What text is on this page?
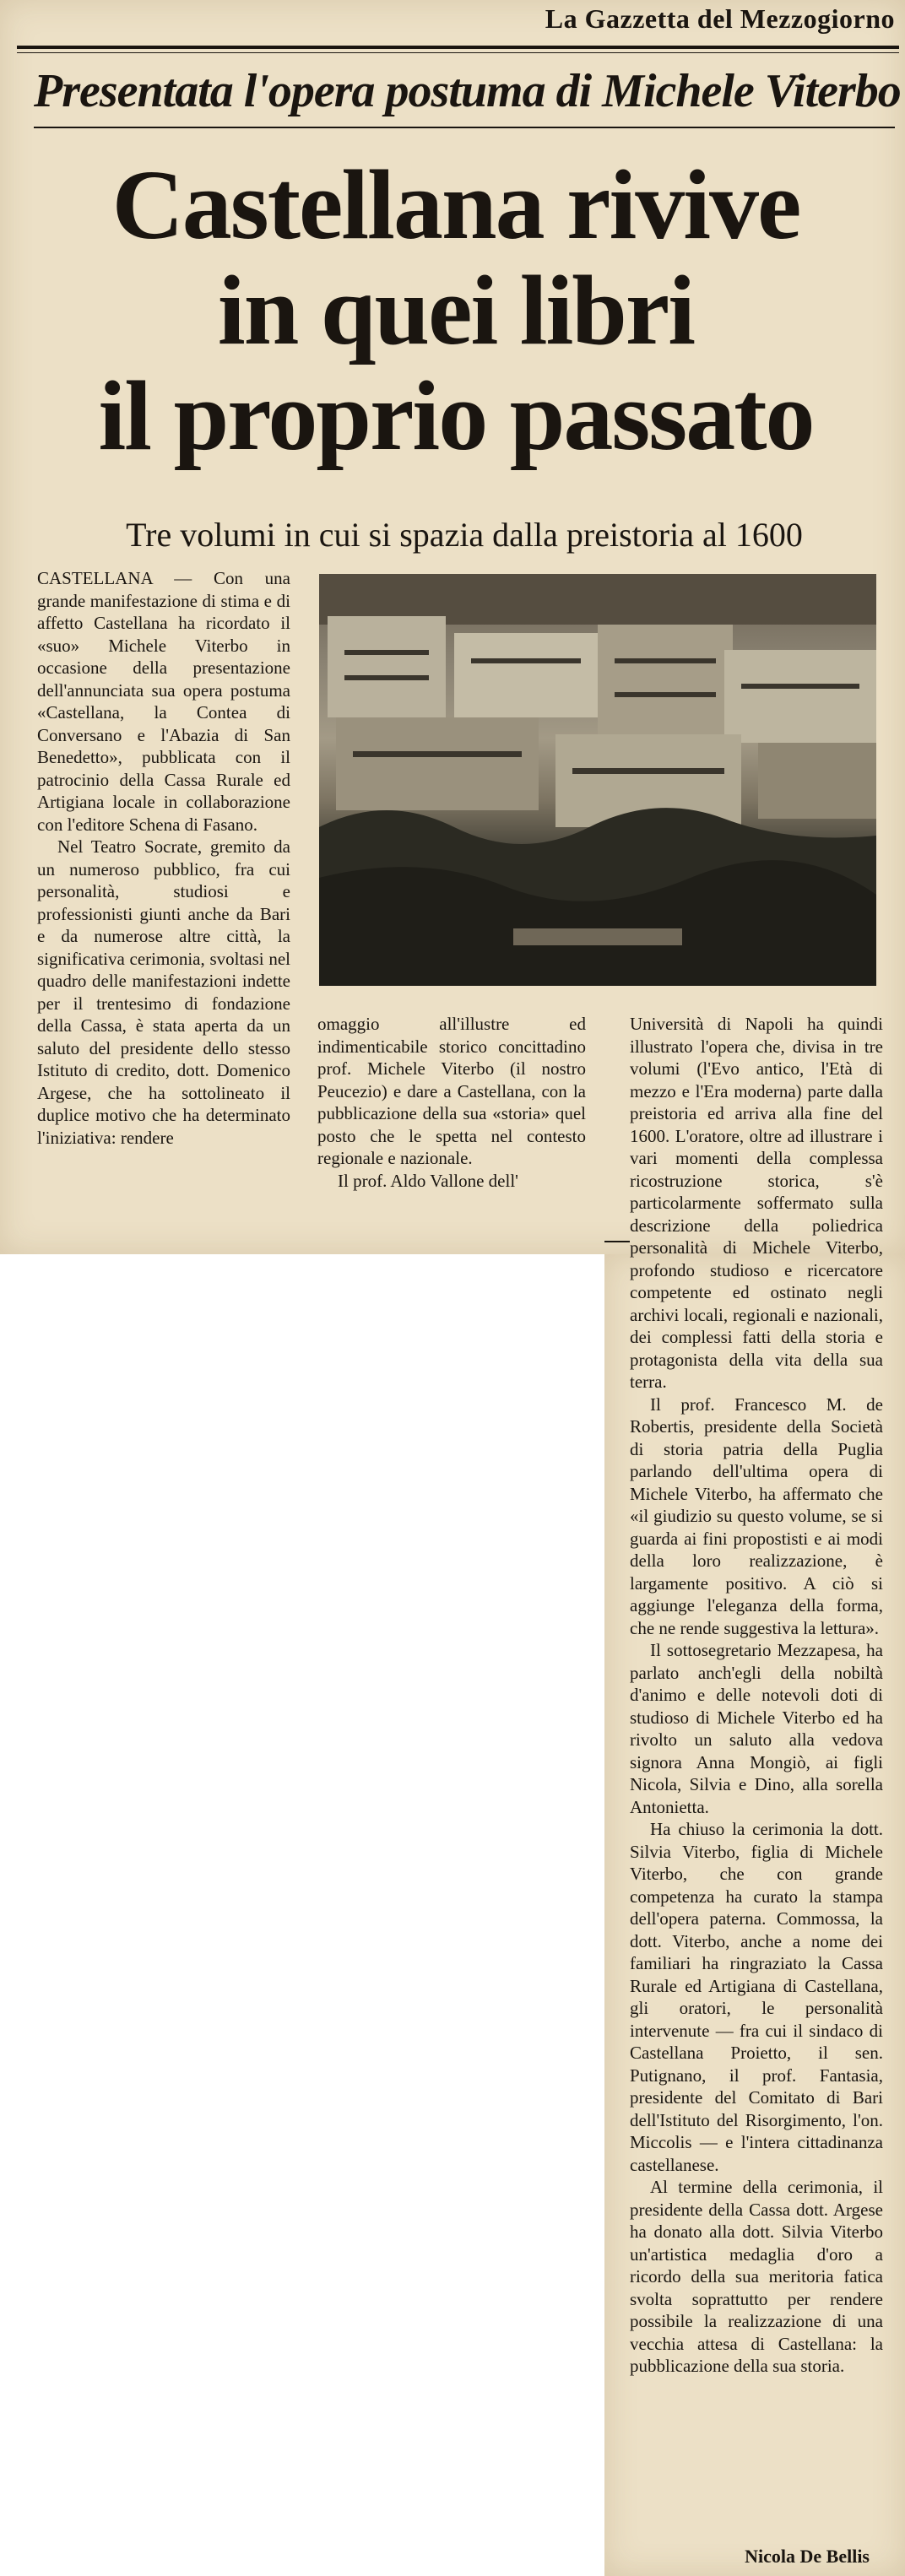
La Gazzetta del Mezzogiorno
Presentata l'opera postuma di Michele Viterbo
Castellana rivive
in quei libri
il proprio passato
Tre volumi in cui si spazia dalla preistoria al 1600

CASTELLANA — Con una grande manifestazione di stima e di affetto Castellana ha ricordato il «suo» Michele Viterbo in occasione della presentazione dell'annunciata sua opera postuma «Castellana, la Contea di Conversano e l'Abazia di San Benedetto», pubblicata con il patrocinio della Cassa Rurale ed Artigiana locale in collaborazione con l'editore Schena di Fasano.

Nel Teatro Socrate, gremito da un numeroso pubblico, fra cui personalità, studiosi e professionisti giunti anche da Bari e da numerose altre città, la significativa cerimonia, svoltasi nel quadro delle manifestazioni indette per il trentesimo di fondazione della Cassa, è stata aperta da un saluto del presidente dello stesso Istituto di credito, dott. Domenico Argese, che ha sottolineato il duplice motivo che ha determinato l'iniziativa: rendere

omaggio all'illustre ed indimenticabile storico concittadino prof. Michele Viterbo (il nostro Peucezio) e dare a Castellana, con la pubblicazione della sua «storia» quel posto che le spetta nel contesto regionale e nazionale.

Il prof. Aldo Vallone dell'

Università di Napoli ha quindi illustrato l'opera che, divisa in tre volumi (l'Evo antico, l'Età di mezzo e l'Era moderna) parte dalla preistoria ed arriva alla fine del 1600. L'oratore, oltre ad illustrare i vari momenti della complessa ricostruzione storica, s'è particolarmente soffermato sulla descrizione della poliedrica personalità di Michele Viterbo, profondo studioso e ricercatore competente ed ostinato negli archivi locali, regionali e nazionali, dei complessi fatti della storia e protagonista della vita della sua terra.

Il prof. Francesco M. de Robertis, presidente della Società di storia patria della Puglia parlando dell'ultima opera di Michele Viterbo, ha affermato che «il giudizio su questo volume, se si guarda ai fini propostisti e ai modi della loro realizzazione, è largamente positivo. A ciò si aggiunge l'eleganza della forma, che ne rende suggestiva la lettura».

Il sottosegretario Mezzapesa, ha parlato anch'egli della nobiltà d'animo e delle notevoli doti di studioso di Michele Viterbo ed ha rivolto un saluto alla vedova signora Anna Mongiò, ai figli Nicola, Silvia e Dino, alla sorella Antonietta.

Ha chiuso la cerimonia la dott. Silvia Viterbo, figlia di Michele Viterbo, che con grande competenza ha curato la stampa dell'opera paterna. Commossa, la dott. Viterbo, anche a nome dei familiari ha ringraziato la Cassa Rurale ed Artigiana di Castellana, gli oratori, le personalità intervenute — fra cui il sindaco di Castellana Proietto, il sen. Putignano, il prof. Fantasia, presidente del Comitato di Bari dell'Istituto del Risorgimento, l'on. Miccolis — e l'intera cittadinanza castellanese.

Al termine della cerimonia, il presidente della Cassa dott. Argese ha donato alla dott. Silvia Viterbo un'artistica medaglia d'oro a ricordo della sua meritoria fatica svolta soprattutto per rendere possibile la realizzazione di una vecchia attesa di Castellana: la pubblicazione della sua storia.

Nicola De Bellis
